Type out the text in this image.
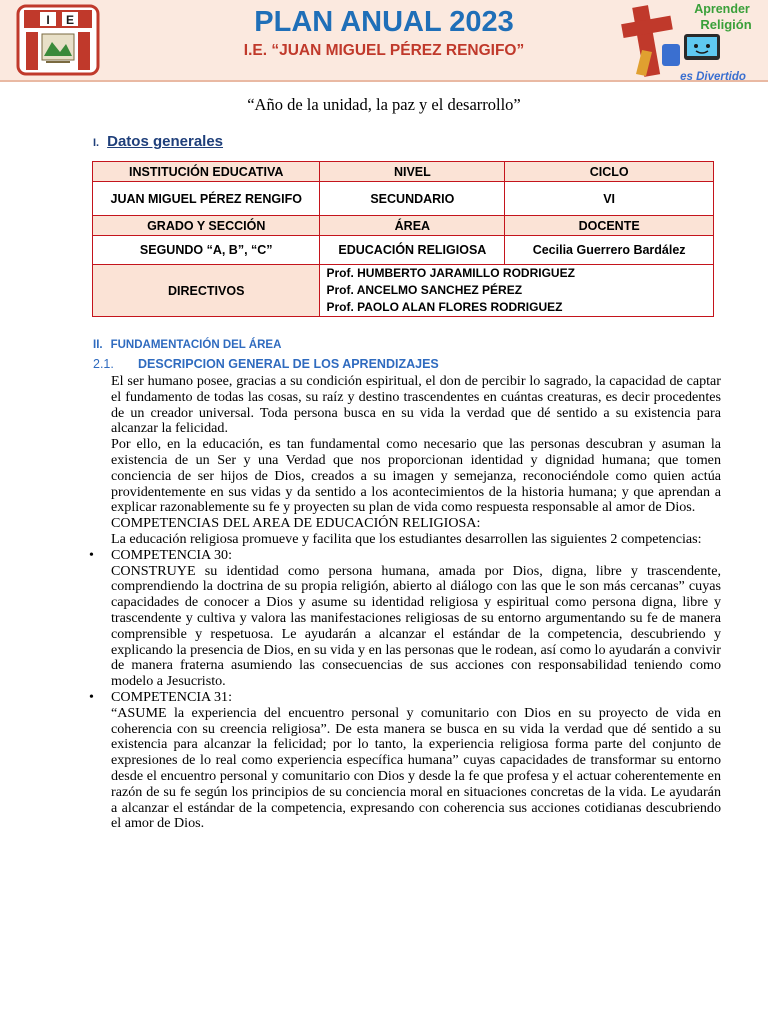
I E	PLAN ANUAL 2023
I.E. “JUAN MIGUEL PÉREZ RENGIFO”
Aprender
Religión
es Divertido
“Año de la unidad, la paz y el desarrollo”
I. Datos generales
INSTITUCIÓN EDUCATIVA	NIVEL	CICLO
JUAN MIGUEL PÉREZ RENGIFO	SECUNDARIO	VI
GRADO Y SECCIÓN	ÁREA	DOCENTE
SEGUNDO “A, B”, “C”	EDUCACIÓN RELIGIOSA	Cecilia Guerrero Bardález
DIRECTIVOS	Prof. HUMBERTO JARAMILLO RODRIGUEZ
Prof. ANCELMO SANCHEZ PÉREZ
Prof. PAOLO ALAN FLORES RODRIGUEZ	
II. FUNDAMENTACIÓN DEL ÁREA
2.1. DESCRIPCION GENERAL DE LOS APRENDIZAJES

El ser humano posee, gracias a su condición espiritual, el don de percibir lo sagrado, la capacidad de captar el fundamento de todas las cosas, su raíz y destino trascendentes en cuántas creaturas, es decir procedentes de un creador universal. Toda persona busca en su vida la verdad que dé sentido a su existencia para alcanzar la felicidad.

Por ello, en la educación, es tan fundamental como necesario que las personas descubran y asuman la existencia de un Ser y una Verdad que nos proporcionan identidad y dignidad humana; que tomen conciencia de ser hijos de Dios, creados a su imagen y semejanza, reconociéndole como quien actúa providentemente en sus vidas y da sentido a los acontecimientos de la historia humana; y que aprendan a explicar razonablemente su fe y proyecten su plan de vida como respuesta responsable al amor de Dios.

COMPETENCIAS DEL AREA DE EDUCACIÓN RELIGIOSA:

La educación religiosa promueve y facilita que los estudiantes desarrollen las siguientes 2 competencias:

• COMPETENCIA 30:

CONSTRUYE su identidad como persona humana, amada por Dios, digna, libre y trascendente, comprendiendo la doctrina de su propia religión, abierto al diálogo con las que le son más cercanas” cuyas capacidades de conocer a Dios y asume su identidad religiosa y espiritual como persona digna, libre y trascendente y cultiva y valora las manifestaciones religiosas de su entorno argumentando su fe de manera comprensible y respetuosa. Le ayudarán a alcanzar el estándar de la competencia, descubriendo y explicando la presencia de Dios, en su vida y en las personas que le rodean, así como lo ayudarán a convivir de manera fraterna asumiendo las consecuencias de sus acciones con responsabilidad teniendo como modelo a Jesucristo.

• COMPETENCIA 31:

“ASUME la experiencia del encuentro personal y comunitario con Dios en su proyecto de vida en coherencia con su creencia religiosa”. De esta manera se busca en su vida la verdad que dé sentido a su existencia para alcanzar la felicidad; por lo tanto, la experiencia religiosa forma parte del conjunto de expresiones de lo real como experiencia específica humana” cuyas capacidades de transformar su entorno desde el encuentro personal y comunitario con Dios y desde la fe que profesa y el actuar coherentemente en razón de su fe según los principios de su conciencia moral en situaciones concretas de la vida. Le ayudarán a alcanzar el estándar de la competencia, expresando con coherencia sus acciones cotidianas descubriendo el amor de Dios.
